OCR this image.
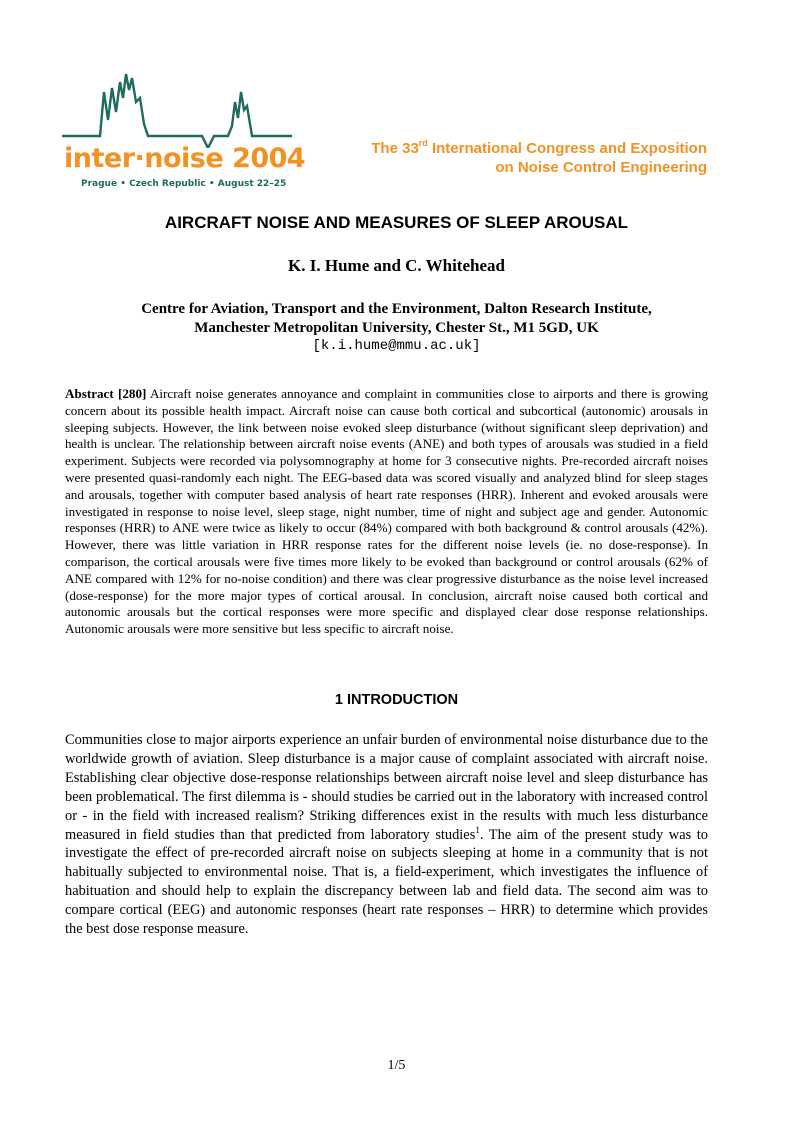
inter·noise 2004
Prague • Czech Republic • August 22–25
The 33rd International Congress and Exposition
on Noise Control Engineering
AIRCRAFT NOISE AND MEASURES OF SLEEP AROUSAL
K. I. Hume and C. Whitehead
Centre for Aviation, Transport and the Environment, Dalton Research Institute,
Manchester Metropolitan University, Chester St., M1 5GD, UK
[k.i.hume@mmu.ac.uk]

Abstract [280] Aircraft noise generates annoyance and complaint in communities close to airports and there is growing concern about its possible health impact. Aircraft noise can cause both cortical and subcortical (autonomic) arousals in sleeping subjects. However, the link between noise evoked sleep disturbance (without significant sleep deprivation) and health is unclear. The relationship between aircraft noise events (ANE) and both types of arousals was studied in a field experiment. Subjects were recorded via polysomnography at home for 3 consecutive nights. Pre-recorded aircraft noises were presented quasi-randomly each night. The EEG-based data was scored visually and analyzed blind for sleep stages and arousals, together with computer based analysis of heart rate responses (HRR). Inherent and evoked arousals were investigated in response to noise level, sleep stage, night number, time of night and subject age and gender. Autonomic responses (HRR) to ANE were twice as likely to occur (84%) compared with both background & control arousals (42%). However, there was little variation in HRR response rates for the different noise levels (ie. no dose-response). In comparison, the cortical arousals were five times more likely to be evoked than background or control arousals (62% of ANE compared with 12% for no-noise condition) and there was clear progressive disturbance as the noise level increased (dose-response) for the more major types of cortical arousal. In conclusion, aircraft noise caused both cortical and autonomic arousals but the cortical responses were more specific and displayed clear dose response relationships. Autonomic arousals were more sensitive but less specific to aircraft noise.

1 INTRODUCTION

Communities close to major airports experience an unfair burden of environmental noise disturbance due to the worldwide growth of aviation. Sleep disturbance is a major cause of complaint associated with aircraft noise. Establishing clear objective dose-response relationships between aircraft noise level and sleep disturbance has been problematical. The first dilemma is - should studies be carried out in the laboratory with increased control or - in the field with increased realism? Striking differences exist in the results with much less disturbance measured in field studies than that predicted from laboratory studies$^1$. The aim of the present study was to investigate the effect of pre-recorded aircraft noise on subjects sleeping at home in a community that is not habitually subjected to environmental noise. That is, a field-experiment, which investigates the influence of habituation and should help to explain the discrepancy between lab and field data. The second aim was to compare cortical (EEG) and autonomic responses (heart rate responses – HRR) to determine which provides the best dose response measure.

1/5
